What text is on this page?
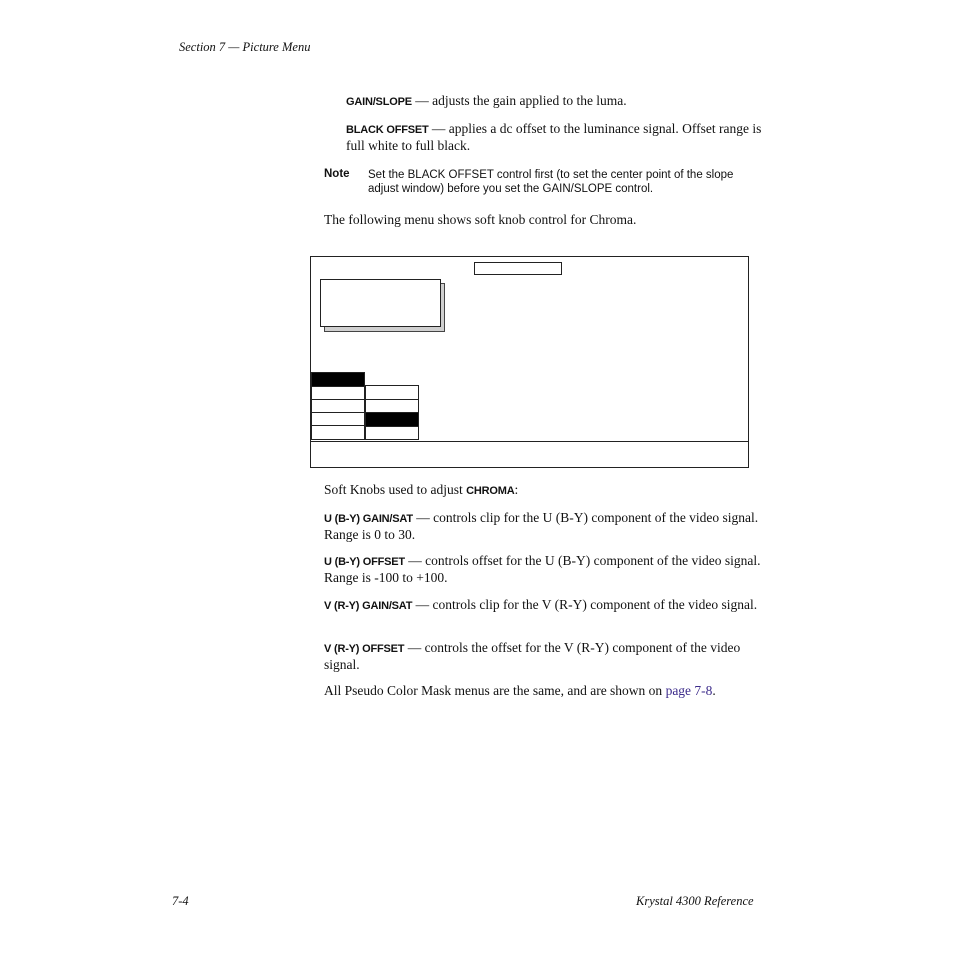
Section 7 — Picture Menu
GAIN/SLOPE — adjusts the gain applied to the luma.
BLACK OFFSET — applies a dc offset to the luminance signal. Offset range is full white to full black.
Note Set the BLACK OFFSET control first (to set the center point of the slope adjust window) before you set the GAIN/SLOPE control.
The following menu shows soft knob control for Chroma.
Soft Knobs used to adjust CHROMA:
U (B-Y) GAIN/SAT — controls clip for the U (B-Y) component of the video signal. Range is 0 to 30.
U (B-Y) OFFSET — controls offset for the U (B-Y) component of the video signal. Range is -100 to +100.
V (R-Y) GAIN/SAT — controls clip for the V (R-Y) component of the video signal.
V (R-Y) OFFSET — controls the offset for the V (R-Y) component of the video signal.
All Pseudo Color Mask menus are the same, and are shown on page 7-8.
7-4	Krystal 4300 Reference
